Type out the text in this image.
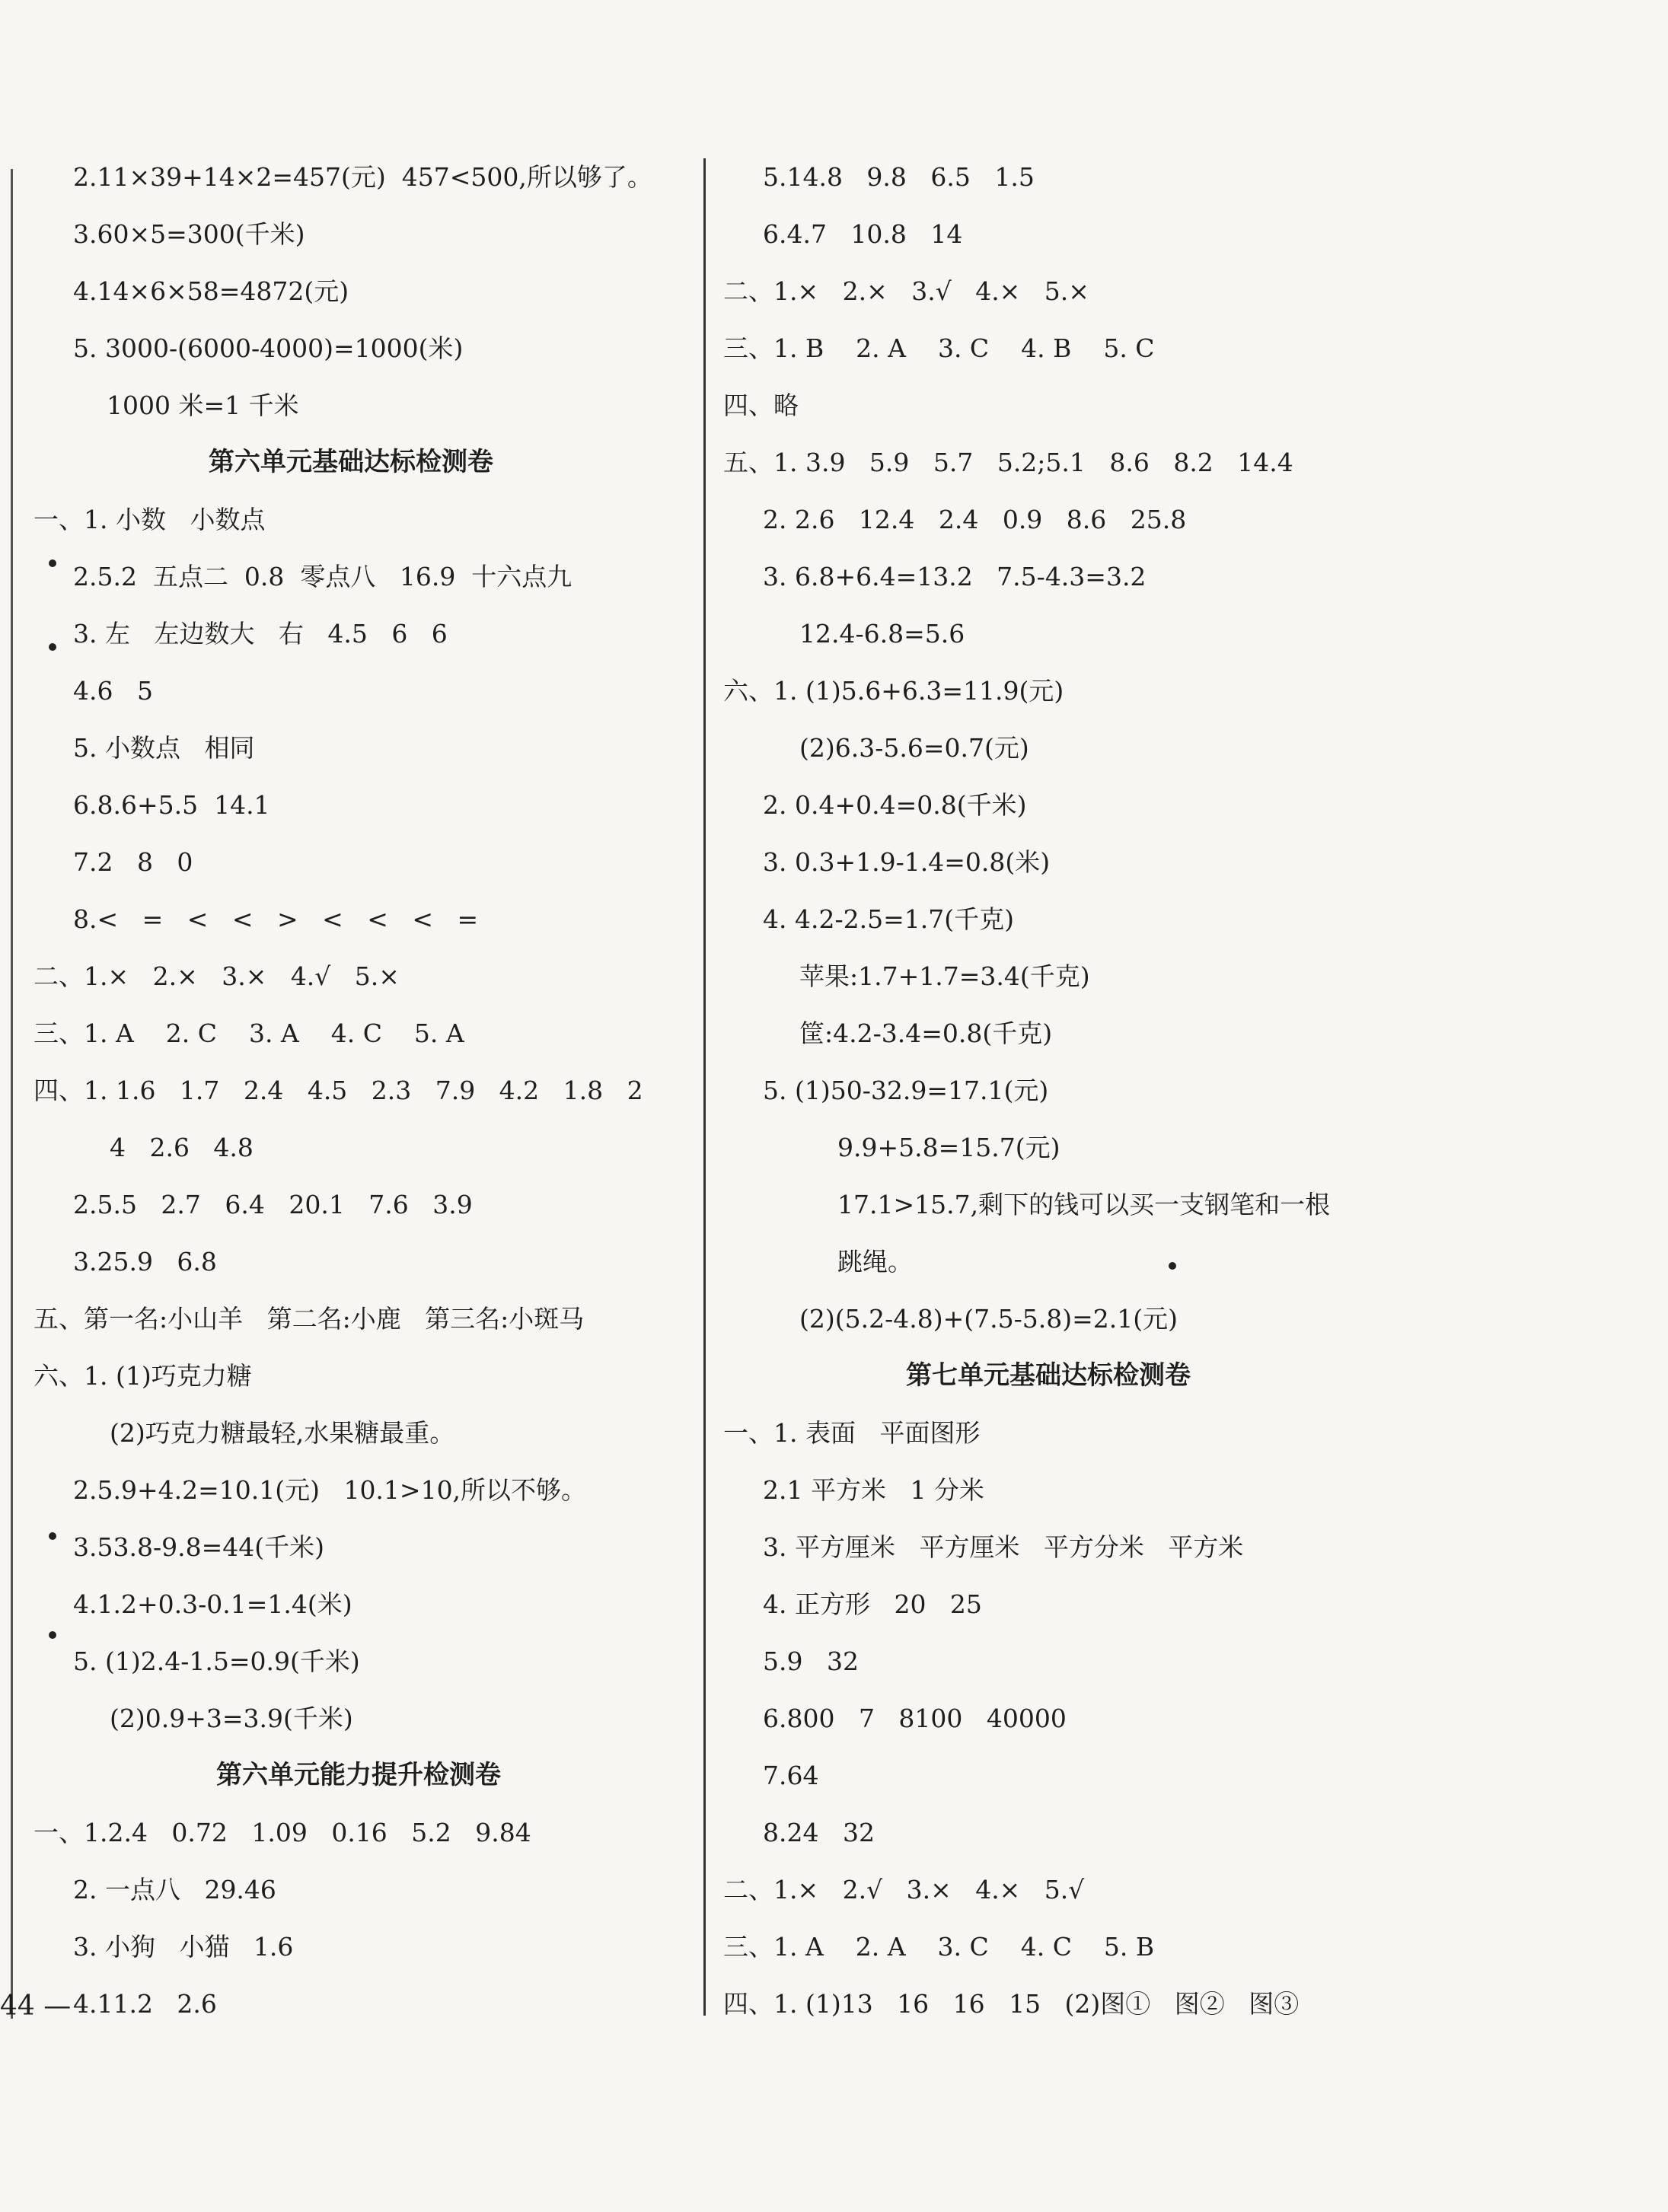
2.11×39+14×2=457(元)  457<500,所以够了。
3.60×5=300(千米)
4.14×6×58=4872(元)
5. 3000-(6000-4000)=1000(米)
1000 米=1 千米
第六单元基础达标检测卷
一、1. 小数   小数点
2.5.2  五点二  0.8  零点八   16.9  十六点九
3. 左   左边数大   右   4.5   6   6
4.6   5
5. 小数点   相同
6.8.6+5.5  14.1
7.2   8   0
8.<   =   <   <   >   <   <   <   =
二、1.×   2.×   3.×   4.√   5.×
三、1. A    2. C    3. A    4. C    5. A
四、1. 1.6   1.7   2.4   4.5   2.3   7.9   4.2   1.8   2
4   2.6   4.8
2.5.5   2.7   6.4   20.1   7.6   3.9
3.25.9   6.8
五、第一名:小山羊   第二名:小鹿   第三名:小斑马
六、1. (1)巧克力糖
(2)巧克力糖最轻,水果糖最重。
2.5.9+4.2=10.1(元)   10.1>10,所以不够。
3.53.8-9.8=44(千米)
4.1.2+0.3-0.1=1.4(米)
5. (1)2.4-1.5=0.9(千米)
(2)0.9+3=3.9(千米)
第六单元能力提升检测卷
一、1.2.4   0.72   1.09   0.16   5.2   9.84
2. 一点八   29.46
3. 小狗   小猫   1.6
4.11.2   2.6
5.14.8   9.8   6.5   1.5
6.4.7   10.8   14
二、1.×   2.×   3.√   4.×   5.×
三、1. B    2. A    3. C    4. B    5. C
四、略
五、1. 3.9   5.9   5.7   5.2;5.1   8.6   8.2   14.4
2. 2.6   12.4   2.4   0.9   8.6   25.8
3. 6.8+6.4=13.2   7.5-4.3=3.2
12.4-6.8=5.6
六、1. (1)5.6+6.3=11.9(元)
(2)6.3-5.6=0.7(元)
2. 0.4+0.4=0.8(千米)
3. 0.3+1.9-1.4=0.8(米)
4. 4.2-2.5=1.7(千克)
苹果:1.7+1.7=3.4(千克)
筐:4.2-3.4=0.8(千克)
5. (1)50-32.9=17.1(元)
9.9+5.8=15.7(元)
17.1>15.7,剩下的钱可以买一支钢笔和一根
跳绳。
(2)(5.2-4.8)+(7.5-5.8)=2.1(元)
第七单元基础达标检测卷
一、1. 表面   平面图形
2.1 平方米   1 分米
3. 平方厘米   平方厘米   平方分米   平方米
4. 正方形   20   25
5.9   32
6.800   7   8100   40000
7.64
8.24   32
二、1.×   2.√   3.×   4.×   5.√
三、1. A    2. A    3. C    4. C    5. B
四、1. (1)13   16   16   15   (2)图①   图②   图③
44 —
